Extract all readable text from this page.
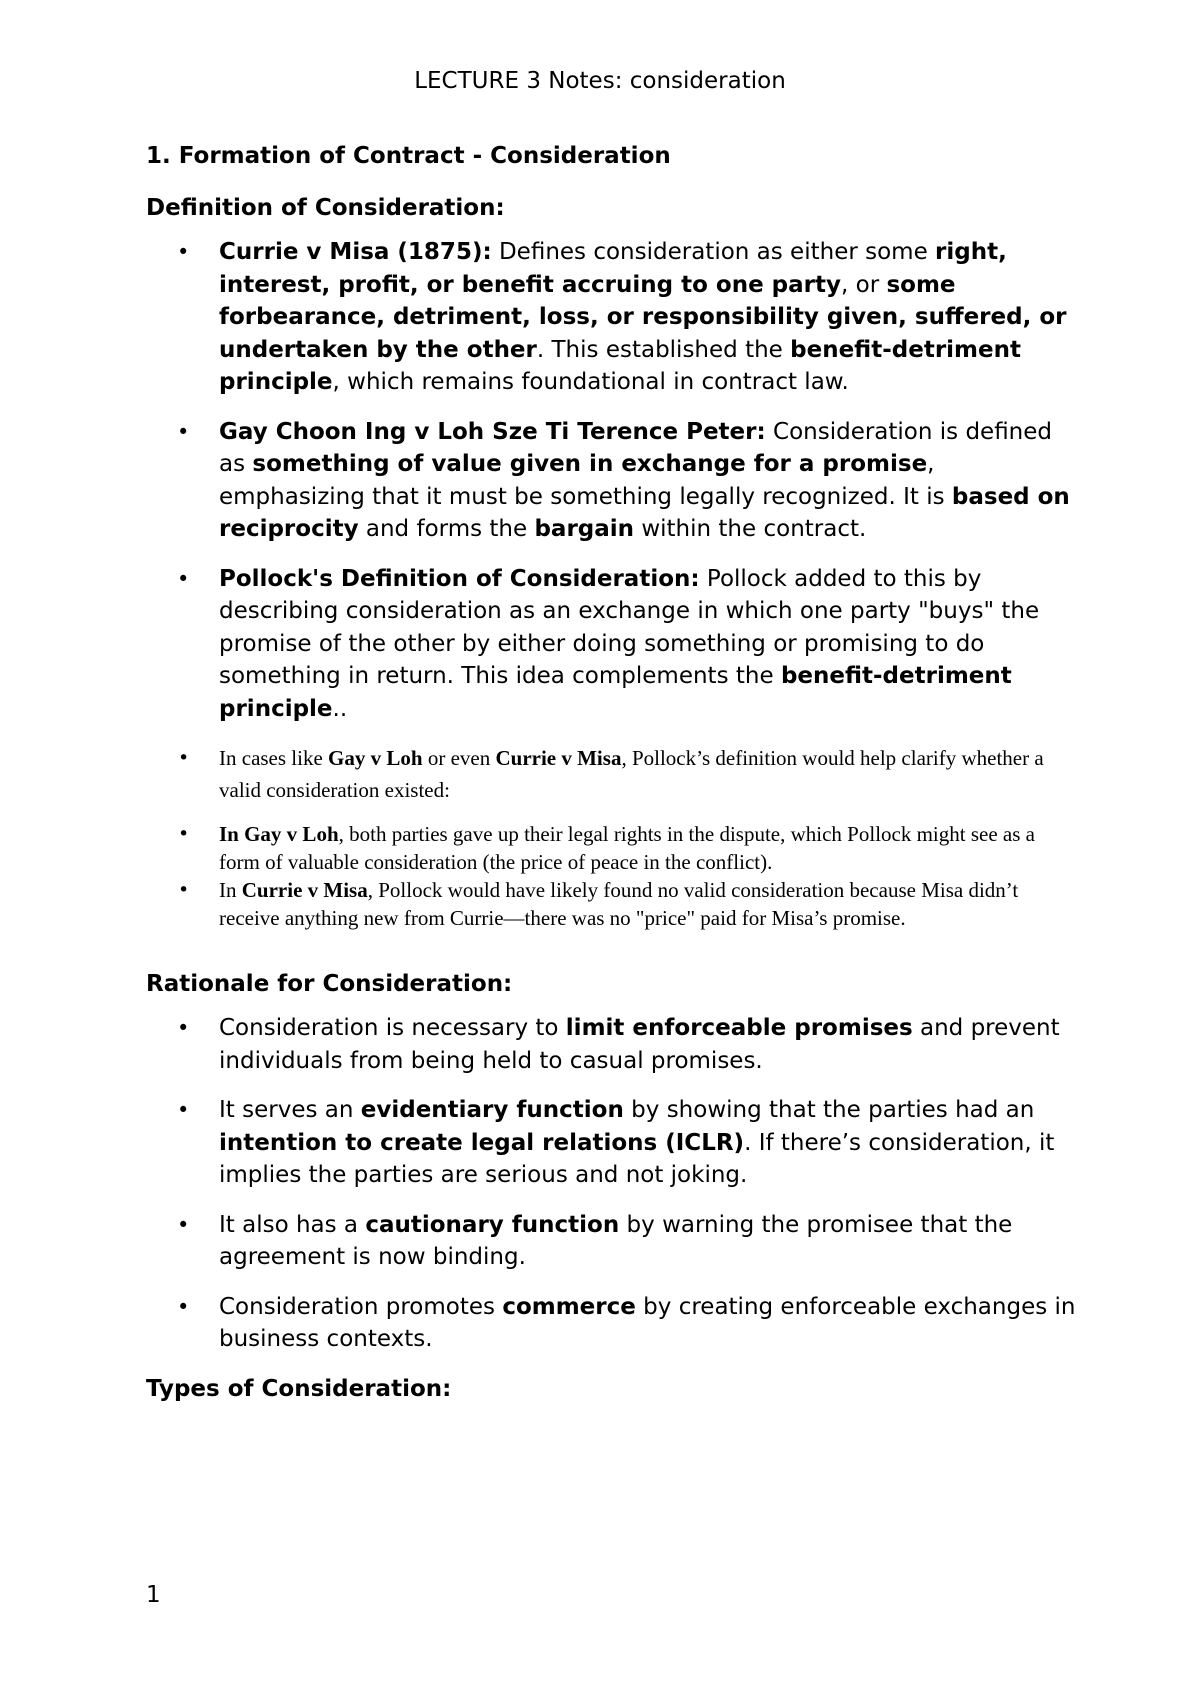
LECTURE 3 Notes: consideration
1. Formation of Contract - Consideration
Definition of Consideration:
• Currie v Misa (1875): Defines consideration as either some right, interest, profit, or benefit accruing to one party, or some forbearance, detriment, loss, or responsibility given, suffered, or undertaken by the other. This established the benefit-detriment principle, which remains foundational in contract law.
• Gay Choon Ing v Loh Sze Ti Terence Peter: Consideration is defined as something of value given in exchange for a promise, emphasizing that it must be something legally recognized. It is based on reciprocity and forms the bargain within the contract.
• Pollock's Definition of Consideration: Pollock added to this by describing consideration as an exchange in which one party "buys" the promise of the other by either doing something or promising to do something in return. This idea complements the benefit-detriment principle..
• In cases like Gay v Loh or even Currie v Misa, Pollock’s definition would help clarify whether a valid consideration existed:
• In Gay v Loh, both parties gave up their legal rights in the dispute, which Pollock might see as a form of valuable consideration (the price of peace in the conflict).
• In Currie v Misa, Pollock would have likely found no valid consideration because Misa didn’t receive anything new from Currie—there was no "price" paid for Misa’s promise.
Rationale for Consideration:
• Consideration is necessary to limit enforceable promises and prevent individuals from being held to casual promises.
• It serves an evidentiary function by showing that the parties had an intention to create legal relations (ICLR). If there’s consideration, it implies the parties are serious and not joking.
• It also has a cautionary function by warning the promisee that the agreement is now binding.
• Consideration promotes commerce by creating enforceable exchanges in business contexts.
Types of Consideration:
1
